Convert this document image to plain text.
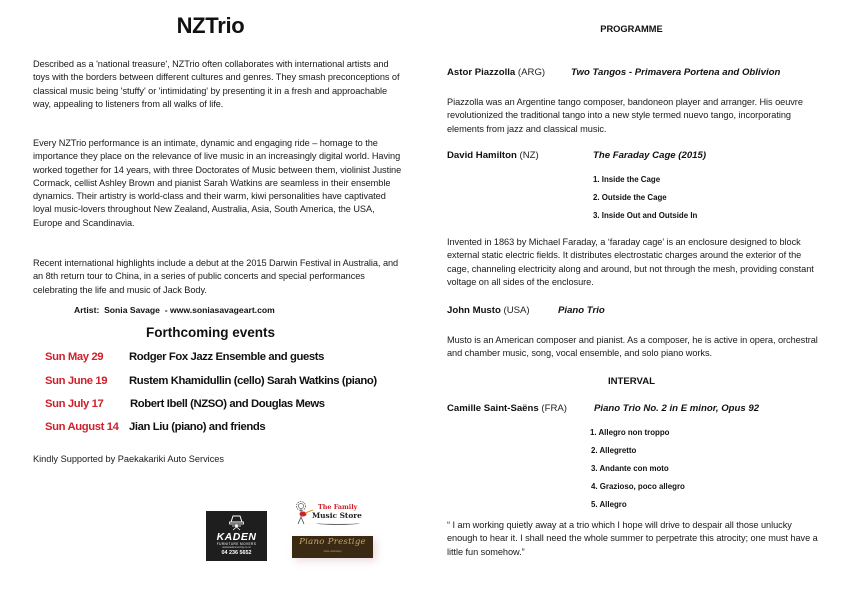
NZTrio
Described as a 'national treasure', NZTrio often collaborates with international artists and toys with the borders between different cultures and genres. They smash preconceptions of classical music being 'stuffy' or 'intimidating' by presenting it in a fresh and approachable way, appealing to listeners from all walks of life.
Every NZTrio performance is an intimate, dynamic and engaging ride – homage to the importance they place on the relevance of live music in an increasingly digital world. Having worked together for 14 years, with three Doctorates of Music between them, violinist Justine Cormack, cellist Ashley Brown and pianist Sarah Watkins are seamless in their ensemble dynamics. Their artistry is world-class and their warm, kiwi personalities have captivated loyal music-lovers throughout New Zealand, Australia, Asia, South America, the USA, Europe and Scandinavia.
Recent international highlights include a debut at the 2015 Darwin Festival in Australia, and an 8th return tour to China, in a series of public concerts and special performances celebrating the life and music of Jack Body.
Artist:  Sonia Savage  - www.soniasavageart.com
Forthcoming events
Sun May 29 Rodger Fox Jazz Ensemble and guests
Sun June 19 Rustem Khamidullin (cello) Sarah Watkins (piano)
Sun July 17 Robert Ibell (NZSO) and Douglas Mews
Sun August 14 Jian Liu (piano) and friends
Kindly Supported by Paekakariki Auto Services
KADEN
FURNITURE MOVERS
www.kadenmoving.co.nz
04 236 5652
The Family
Music Store
Piano Prestige
since workshop
PROGRAMME
Astor Piazzolla (ARG)	Two Tangos - Primavera Portena and Oblivion
Piazzolla was an Argentine tango composer, bandoneon player and arranger. His oeuvre revolutionized the traditional tango into a new style termed nuevo tango, incorporating elements from jazz and classical music.
David Hamilton (NZ)	The Faraday Cage (2015)
1. Inside the Cage
2. Outside the Cage
3. Inside Out and Outside In
Invented in 1863 by Michael Faraday, a ‘faraday cage’ is an enclosure designed to block external static electric fields. It distributes electrostatic charges around the exterior of the cage, channeling electricity along and around, but not through the mesh, providing constant voltage on all sides of the enclosure.
John Musto (USA)	Piano Trio
Musto is an American composer and pianist. As a composer, he is active in opera, orchestral and chamber music, song, vocal ensemble, and solo piano works.
INTERVAL
Camille Saint-Saëns (FRA)	Piano Trio No. 2 in E minor, Opus 92
1. Allegro non troppo
2. Allegretto
3. Andante con moto
4. Grazioso, poco allegro
5. Allegro
“ I am working quietly away at a trio which I hope will drive to despair all those unlucky enough to hear it. I shall need the whole summer to perpetrate this atrocity; one must have a little fun somehow.”
